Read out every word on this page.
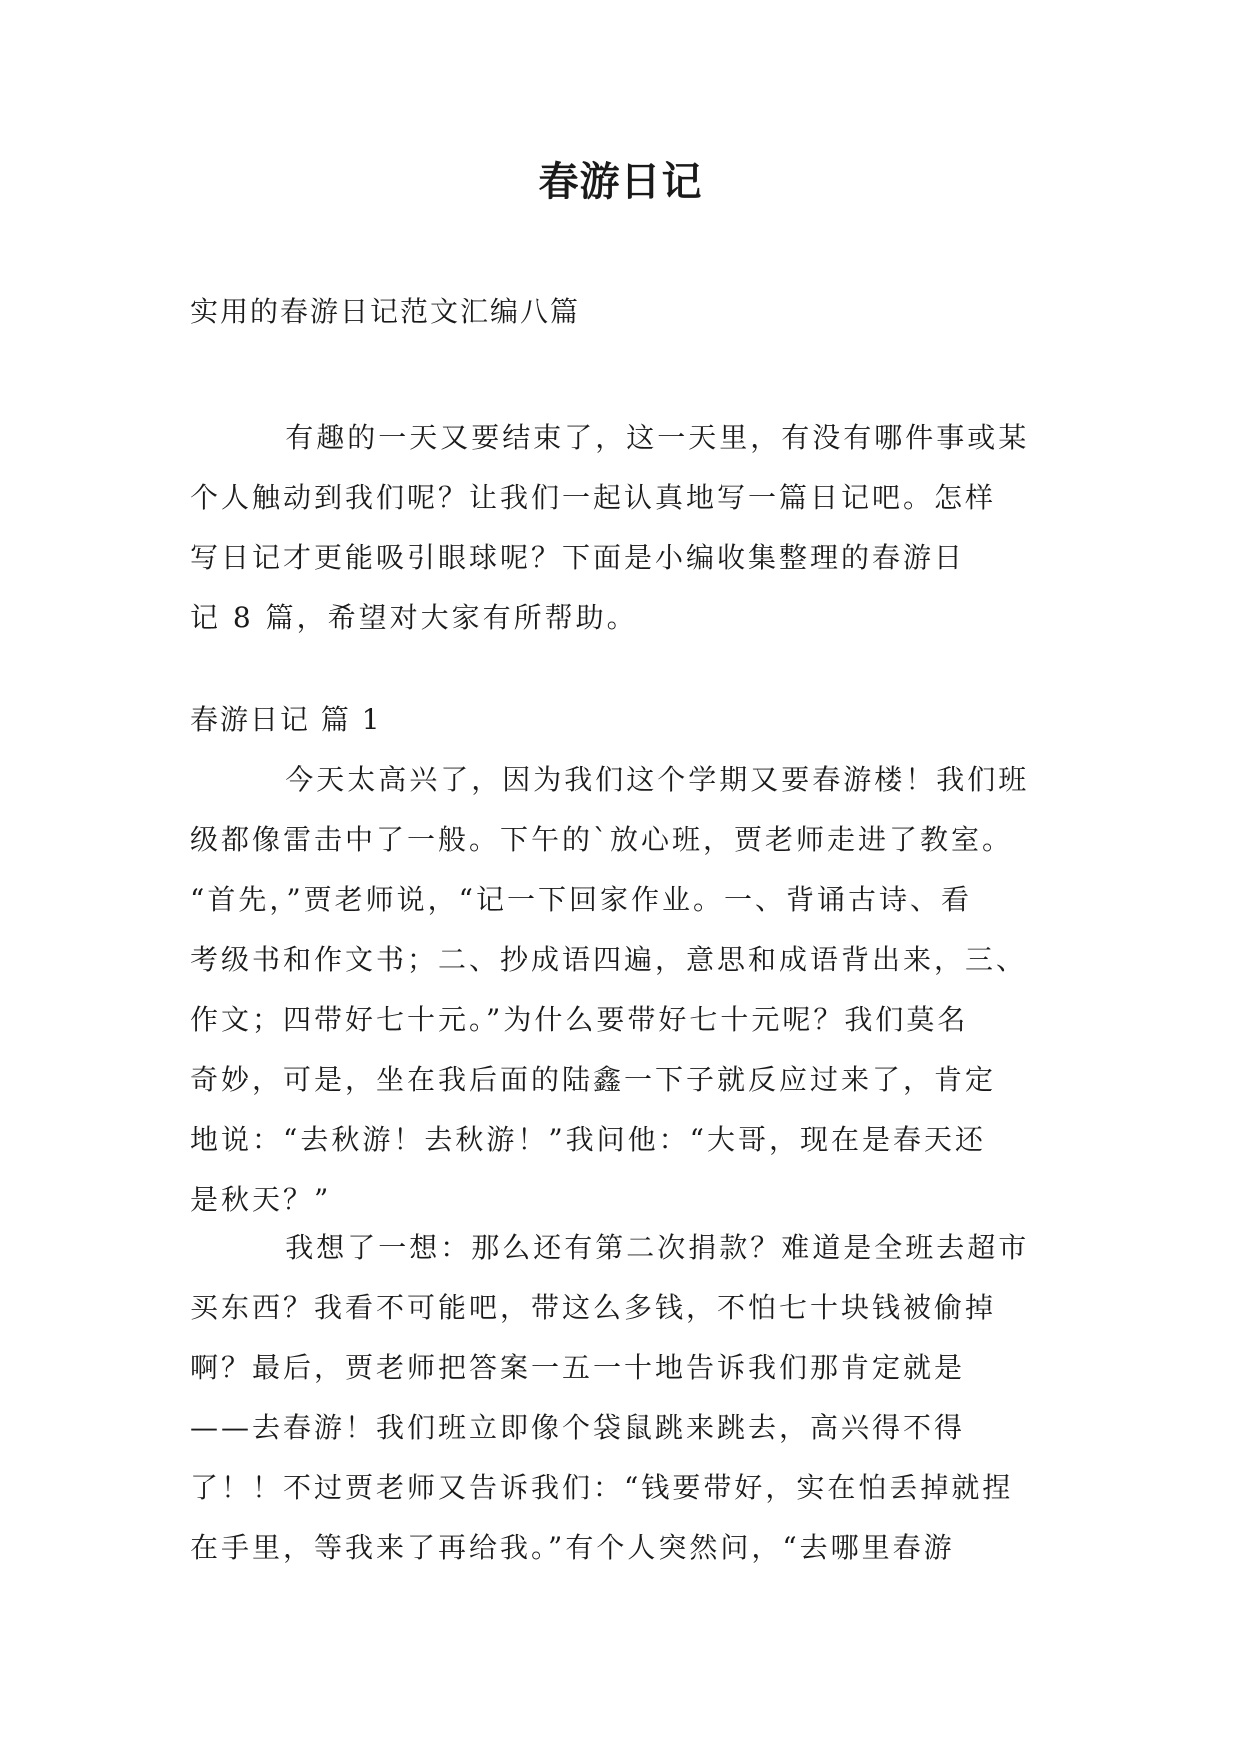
春游日记
实用的春游日记范文汇编八篇
有趣的一天又要结束了，这一天里，有没有哪件事或某
个人触动到我们呢？让我们一起认真地写一篇日记吧。怎样
写日记才更能吸引眼球呢？下面是小编收集整理的春游日
记 8 篇，希望对大家有所帮助。
春游日记 篇 1
今天太高兴了，因为我们这个学期又要春游楼！我们班
级都像雷击中了一般。下午的`放心班，贾老师走进了教室。
“首先，”贾老师说，“记一下回家作业。一、背诵古诗、看
考级书和作文书；二、抄成语四遍，意思和成语背出来，三、
作文；四带好七十元。”为什么要带好七十元呢？我们莫名
奇妙，可是，坐在我后面的陆鑫一下子就反应过来了，肯定
地说：“去秋游！去秋游！”我问他：“大哥，现在是春天还
是秋天？”
我想了一想：那么还有第二次捐款？难道是全班去超市
买东西？我看不可能吧，带这么多钱，不怕七十块钱被偷掉
啊？最后，贾老师把答案一五一十地告诉我们那肯定就是
——去春游！我们班立即像个袋鼠跳来跳去，高兴得不得
了！！不过贾老师又告诉我们：“钱要带好，实在怕丢掉就捏
在手里，等我来了再给我。”有个人突然问，“去哪里春游
